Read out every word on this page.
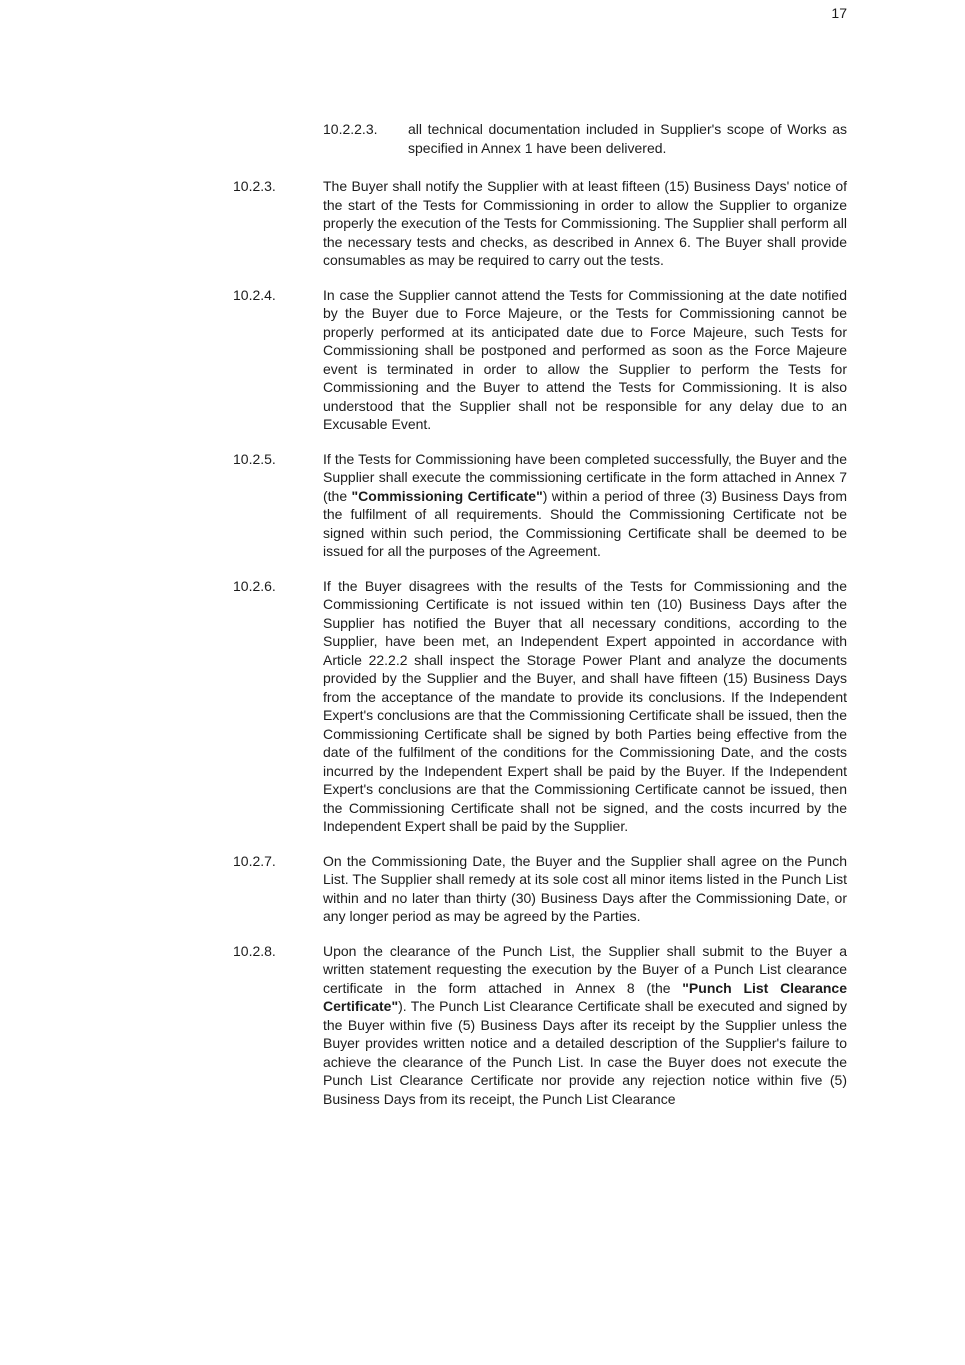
17
10.2.2.3.	all technical documentation included in Supplier's scope of Works as specified in Annex 1 have been delivered.

10.2.3.	The Buyer shall notify the Supplier with at least fifteen (15) Business Days' notice of the start of the Tests for Commissioning in order to allow the Supplier to organize properly the execution of the Tests for Commissioning. The Supplier shall perform all the necessary tests and checks, as described in Annex 6. The Buyer shall provide consumables as may be required to carry out the tests.

10.2.4.	In case the Supplier cannot attend the Tests for Commissioning at the date notified by the Buyer due to Force Majeure, or the Tests for Commissioning cannot be properly performed at its anticipated date due to Force Majeure, such Tests for Commissioning shall be postponed and performed as soon as the Force Majeure event is terminated in order to allow the Supplier to perform the Tests for Commissioning and the Buyer to attend the Tests for Commissioning. It is also understood that the Supplier shall not be responsible for any delay due to an Excusable Event.

10.2.5.	If the Tests for Commissioning have been completed successfully, the Buyer and the Supplier shall execute the commissioning certificate in the form attached in Annex 7 (the "Commissioning Certificate") within a period of three (3) Business Days from the fulfilment of all requirements. Should the Commissioning Certificate not be signed within such period, the Commissioning Certificate shall be deemed to be issued for all the purposes of the Agreement.

10.2.6.	If the Buyer disagrees with the results of the Tests for Commissioning and the Commissioning Certificate is not issued within ten (10) Business Days after the Supplier has notified the Buyer that all necessary conditions, according to the Supplier, have been met, an Independent Expert appointed in accordance with Article 22.2.2 shall inspect the Storage Power Plant and analyze the documents provided by the Supplier and the Buyer, and shall have fifteen (15) Business Days from the acceptance of the mandate to provide its conclusions. If the Independent Expert's conclusions are that the Commissioning Certificate shall be issued, then the Commissioning Certificate shall be signed by both Parties being effective from the date of the fulfilment of the conditions for the Commissioning Date, and the costs incurred by the Independent Expert shall be paid by the Buyer. If the Independent Expert's conclusions are that the Commissioning Certificate cannot be issued, then the Commissioning Certificate shall not be signed, and the costs incurred by the Independent Expert shall be paid by the Supplier.

10.2.7.	On the Commissioning Date, the Buyer and the Supplier shall agree on the Punch List. The Supplier shall remedy at its sole cost all minor items listed in the Punch List within and no later than thirty (30) Business Days after the Commissioning Date, or any longer period as may be agreed by the Parties.

10.2.8.	Upon the clearance of the Punch List, the Supplier shall submit to the Buyer a written statement requesting the execution by the Buyer of a Punch List clearance certificate in the form attached in Annex 8 (the "Punch List Clearance Certificate"). The Punch List Clearance Certificate shall be executed and signed by the Buyer within five (5) Business Days after its receipt by the Supplier unless the Buyer provides written notice and a detailed description of the Supplier's failure to achieve the clearance of the Punch List. In case the Buyer does not execute the Punch List Clearance Certificate nor provide any rejection notice within five (5) Business Days from its receipt, the Punch List Clearance
